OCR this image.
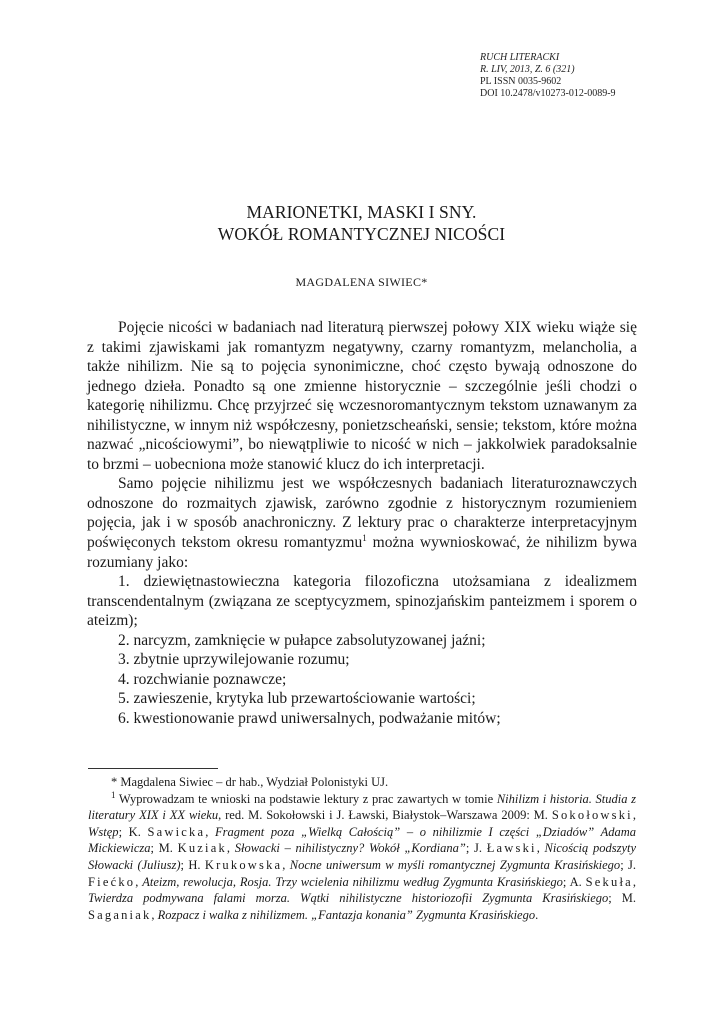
RUCH LITERACKI
R. LIV, 2013, Z. 6 (321)
PL ISSN 0035-9602
DOI 10.2478/v10273-012-0089-9
MARIONETKI, MASKI I SNY.
WOKÓŁ ROMANTYCZNEJ NICOŚCI
MAGDALENA SIWIEC*

Pojęcie nicości w badaniach nad literaturą pierwszej połowy XIX wieku wiąże się z takimi zjawiskami jak romantyzm negatywny, czarny romantyzm, melancholia, a także nihilizm. Nie są to pojęcia synonimiczne, choć często bywają odnoszone do jednego dzieła. Ponadto są one zmienne historycznie – szczególnie jeśli chodzi o kategorię nihilizmu. Chcę przyjrzeć się wczesnoromantycznym tekstom uznawanym za nihilistyczne, w innym niż współczesny, ponietzscheański, sensie; tekstom, które można nazwać „nicościowymi”, bo niewątpliwie to nicość w nich – jakkolwiek paradoksalnie to brzmi – uobecniona może stanowić klucz do ich interpretacji.

Samo pojęcie nihilizmu jest we współczesnych badaniach literaturoznawczych odnoszone do rozmaitych zjawisk, zarówno zgodnie z historycznym rozumieniem pojęcia, jak i w sposób anachroniczny. Z lektury prac o charakterze interpretacyjnym poświęconych tekstom okresu romantyzmu$^1$ można wywnioskować, że nihilizm bywa rozumiany jako:

1. dziewiętnastowieczna kategoria filozoficzna utożsamiana z idealizmem transcendentalnym (związana ze sceptycyzmem, spinozjańskim panteizmem i sporem o ateizm);

2. narcyzm, zamknięcie w pułapce zabsolutyzowanej jaźni;

3. zbytnie uprzywilejowanie rozumu;

4. rozchwianie poznawcze;

5. zawieszenie, krytyka lub przewartościowanie wartości;

6. kwestionowanie prawd uniwersalnych, podważanie mitów;

* Magdalena Siwiec – dr hab., Wydział Polonistyki UJ.

$^1$ Wyprowadzam te wnioski na podstawie lektury z prac zawartych w tomie Nihilizm i historia. Studia z literatury XIX i XX wieku, red. M. Sokołowski i J. Ławski, Białystok–Warszawa 2009: M. Sokołowski, Wstęp; K. Sawicka, Fragment poza „Wielką Całością” – o nihilizmie I części „Dziadów” Adama Mickiewicza; M. Kuziak, Słowacki – nihilistyczny? Wokół „Kordiana”; J. Ławski, Nicością podszyty Słowacki (Juliusz); H. Krukowska, Nocne uniwersum w myśli romantycznej Zygmunta Krasińskiego; J. Fiećko, Ateizm, rewolucja, Rosja. Trzy wcielenia nihilizmu według Zygmunta Krasińskiego; A. Sekuła, Twierdza podmywana falami morza. Wątki nihilistyczne historiozofii Zygmunta Krasińskiego; M. Saganiak, Rozpacz i walka z nihilizmem. „Fantazja konania” Zygmunta Krasińskiego.
